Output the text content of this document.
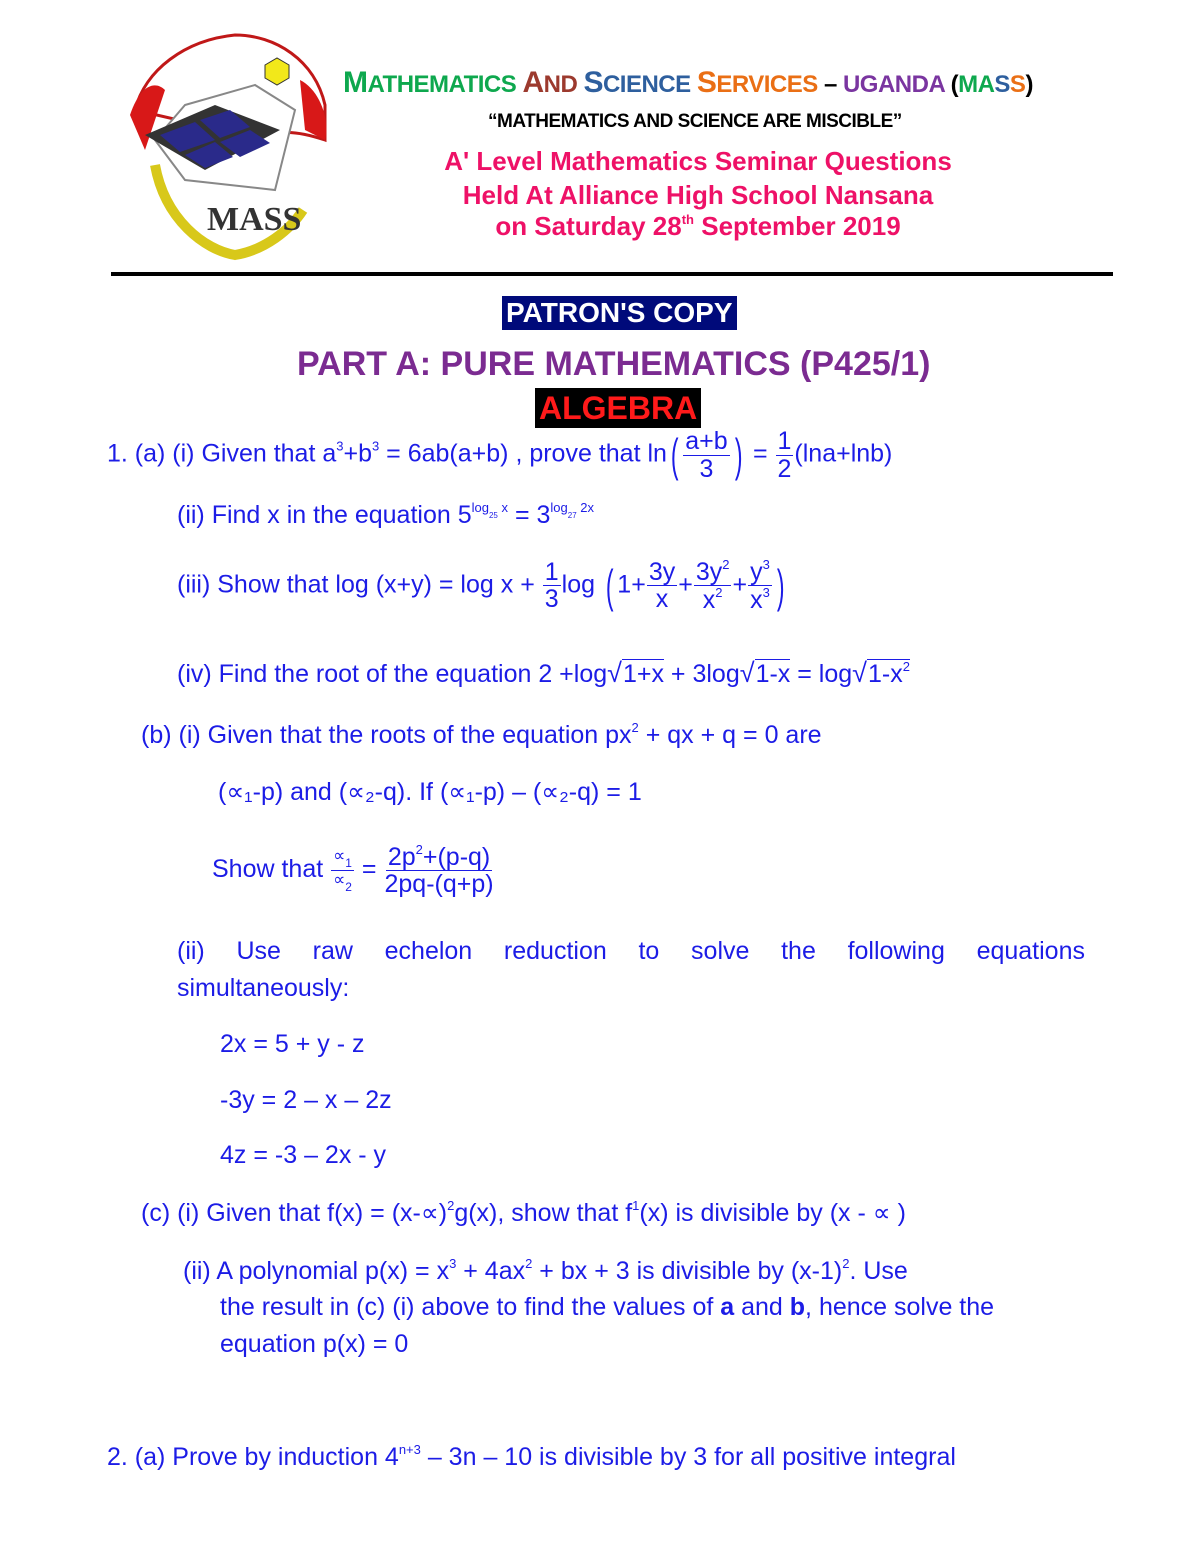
MASS
MATHEMATICS AND SCIENCE SERVICES – UGANDA (MASS)
“MATHEMATICS AND SCIENCE ARE MISCIBLE”
A' Level Mathematics Seminar Questions
Held At Alliance High School Nansana
on Saturday 28th September 2019
PATRON'S COPY
PART A: PURE MATHEMATICS (P425/1)
ALGEBRA
1. (a) (i) Given that $a^3+b^3 = 6ab(a+b)$ , prove that $\ln( \frac{a+b}{3}$ ) = $\frac{1}{2} (\ln a+\ln b)$
(ii) Find x in the equation $5^{log_{25} x} = 3^{log_{27} 2x}$
(iii) Show that $\log (x+y) = \log x + \frac{1}{3}$ log ( $1+ \frac{3y}{x} + \frac{3y^2}{x^2} + \frac{y^3}{x^3}$ )
(iv) Find the root of the equation $2 +\log√1+x + 3\log√1-x = \log√1-x^2$
(b) (i) Given that the roots of the equation $px^2$ + qx + q = 0 are
(∝₁-p) and (∝₂-q). If (∝₁-p) – (∝₂-q) = 1
Show that $\frac{\propto_1}{\propto_2} = \frac{2p^2+(p-q)}{2pq-(q+p)}$
(ii) Use raw echelon reduction to solve the following equations
simultaneously:
2x = 5 + y - z
-3y = 2 – x – 2z
4z = -3 – 2x - y
(c) (i) Given that $f(x) = (x-\propto)^2g(x)$, show that $f^1(x)$ is divisible by (x - ∝ )
(ii) A polynomial $p(x) = x^3 + 4ax^2$ + bx + 3 is divisible by $(x-1)^2$. Use
the result in (c) (i) above to find the values of a and b, hence solve the
equation p(x) = 0
2. (a) Prove by induction $4^{n+3} - 3n - 10$ is divisible by 3 for all positive integral
